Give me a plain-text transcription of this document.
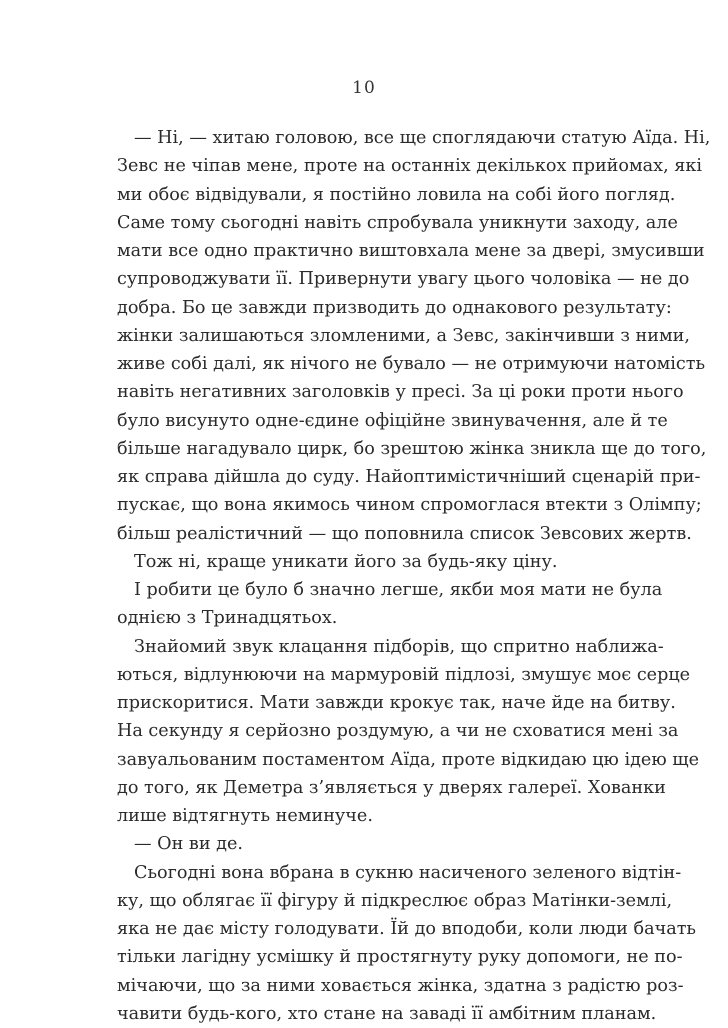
10
— Ні, — хитаю головою, все ще споглядаючи статую Аїда. Ні,
Зевс не чіпав мене, проте на останніх декількох прийомах, які
ми обоє відвідували, я постійно ловила на собі його погляд.
Саме тому сьогодні навіть спробувала уникнути заходу, але
мати все одно практично виштовхала мене за двері, змусивши
супроводжувати її. Привернути увагу цього чоловіка — не до
добра. Бо це завжди призводить до однакового результату:
жінки залишаються зломленими, а Зевс, закінчивши з ними,
живе собі далі, як нічого не бувало — не отримуючи натомість
навіть негативних заголовків у пресі. За ці роки проти нього
було висунуто одне-єдине офіційне звинувачення, але й те
більше нагадувало цирк, бо зрештою жінка зникла ще до того,
як справа дійшла до суду. Найоптимістичніший сценарій при-
пускає, що вона якимось чином спромоглася втекти з Олімпу;
більш реалістичний — що поповнила список Зевсових жертв.
Тож ні, краще уникати його за будь-яку ціну.
І робити це було б значно легше, якби моя мати не була
однією з Тринадцятьох.
Знайомий звук клацання підборів, що спритно наближа-
ються, відлунюючи на мармуровій підлозі, змушує моє серце
прискоритися. Мати завжди крокує так, наче йде на битву.
На секунду я серйозно роздумую, а чи не сховатися мені за
завуальованим постаментом Аїда, проте відкидаю цю ідею ще
до того, як Деметра з’являється у дверях галереї. Хованки
лише відтягнуть неминуче.
— Он ви де.
Сьогодні вона вбрана в сукню насиченого зеленого відтін-
ку, що облягає її фігуру й підкреслює образ Матінки-землі,
яка не дає місту голодувати. Їй до вподоби, коли люди бачать
тільки лагідну усмішку й простягнуту руку допомоги, не по-
мічаючи, що за ними ховається жінка, здатна з радістю роз-
чавити будь-кого, хто стане на заваді її амбітним планам.
